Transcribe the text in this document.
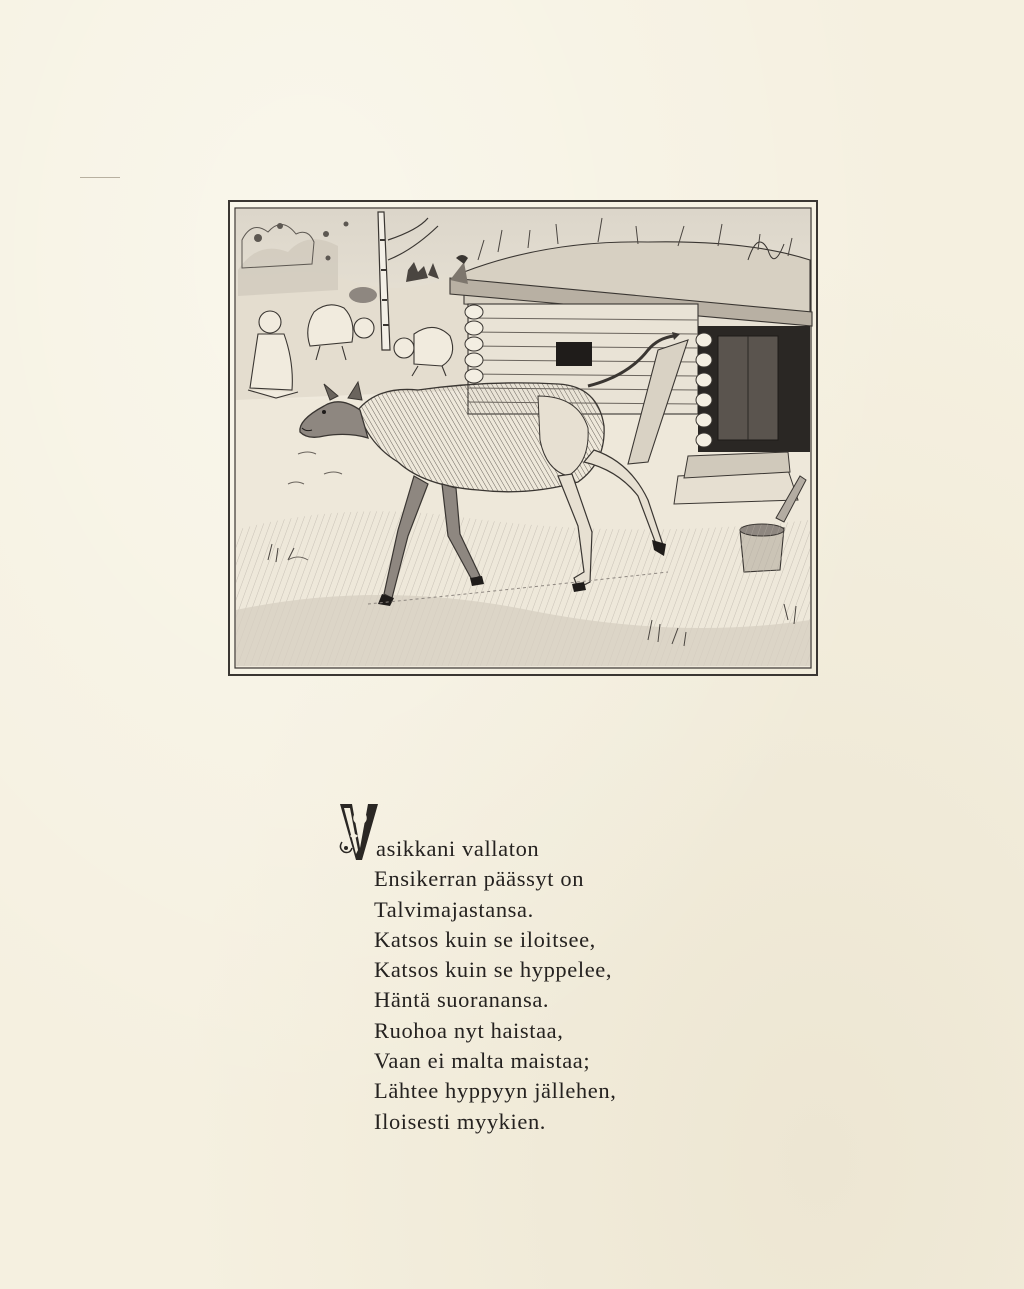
asikkani vallaton
Ensikerran päässyt on
Talvimajastansa.
Katsos kuin se iloitsee,
Katsos kuin se hyppelee,
Häntä suoranansa.
Ruohoa nyt haistaa,
Vaan ei malta maistaa;
Lähtee hyppyyn jällehen,
Iloisesti myykien.
